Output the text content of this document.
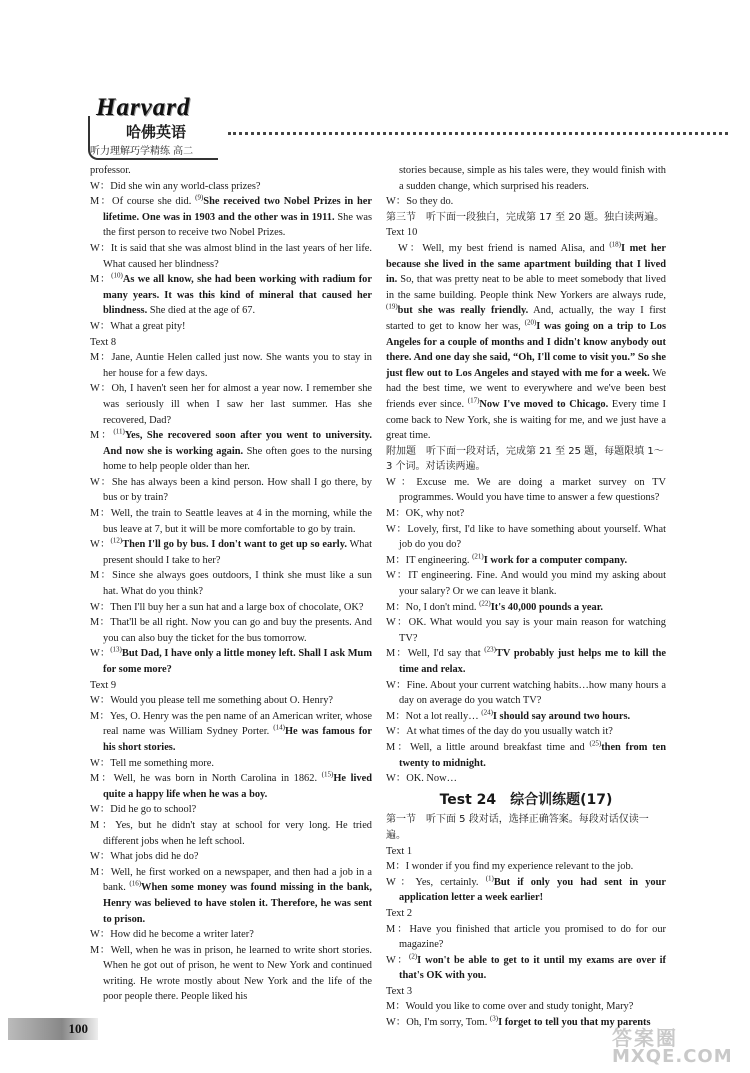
Harvard
哈佛英语
听力理解巧学精练 高二

professor.

W：Did she win any world-class prizes?

M：Of course she did. $^{(9)}$She received two Nobel Prizes in her lifetime. One was in 1903 and the other was in 1911. She was the first person to receive two Nobel Prizes.

W：It is said that she was almost blind in the last years of her life. What caused her blindness?

M：$^{(10)}$As we all know, she had been working with radium for many years. It was this kind of mineral that caused her blindness. She died at the age of 67.

W：What a great pity!

Text 8

M：Jane, Auntie Helen called just now. She wants you to stay in her house for a few days.

W：Oh, I haven't seen her for almost a year now. I remember she was seriously ill when I saw her last summer. Has she recovered, Dad?

M：$^{(11)}$Yes, She recovered soon after you went to university. And now she is working again. She often goes to the nursing home to help people older than her.

W：She has always been a kind person. How shall I go there, by bus or by train?

M：Well, the train to Seattle leaves at 4 in the morning, while the bus leave at 7, but it will be more comfortable to go by train.

W：$^{(12)}$Then I'll go by bus. I don't want to get up so early. What present should I take to her?

M：Since she always goes outdoors, I think she must like a sun hat. What do you think?

W：Then I'll buy her a sun hat and a large box of chocolate, OK?

M：That'll be all right. Now you can go and buy the presents. And you can also buy the ticket for the bus tomorrow.

W：$^{(13)}$But Dad, I have only a little money left. Shall I ask Mum for some more?

Text 9

W：Would you please tell me something about O. Henry?

M：Yes, O. Henry was the pen name of an American writer, whose real name was William Sydney Porter. $^{(14)}$He was famous for his short stories.

W：Tell me something more.

M：Well, he was born in North Carolina in 1862. $^{(15)}$He lived quite a happy life when he was a boy.

W：Did he go to school?

M：Yes, but he didn't stay at school for very long. He tried different jobs when he left school.

W：What jobs did he do?

M：Well, he first worked on a newspaper, and then had a job in a bank. $^{(16)}$When some money was found missing in the bank, Henry was believed to have stolen it. Therefore, he was sent to prison.

W：How did he become a writer later?

M：Well, when he was in prison, he learned to write short stories. When he got out of prison, he went to New York and continued writing. He wrote mostly about New York and the life of the poor people there. People liked his

stories because, simple as his tales were, they would finish with a sudden change, which surprised his readers.

W：So they do.

第三节　听下面一段独白，完成第 17 至 20 题。独白读两遍。

Text 10

W：Well, my best friend is named Alisa, and $^{(18)}$I met her because she lived in the same apartment building that I lived in. So, that was pretty neat to be able to meet somebody that lived in the same building. People think New Yorkers are always rude, $^{(19)}$but she was really friendly. And, actually, the way I first started to get to know her was, $^{(20)}$I was going on a trip to Los Angeles for a couple of months and I didn't know anybody out there. And one day she said, “Oh, I'll come to visit you.” So she just flew out to Los Angeles and stayed with me for a week. We had the best time, we went to everywhere and we've been best friends ever since. $^{(17)}$Now I've moved to Chicago. Every time I come back to New York, she is waiting for me, and we just have a great time.

附加题　听下面一段对话，完成第 21 至 25 题，每题限填 1～3 个词。对话读两遍。

W：Excuse me. We are doing a market survey on TV programmes. Would you have time to answer a few questions?

M：OK, why not?

W：Lovely, first, I'd like to have something about yourself. What job do you do?

M：IT engineering. $^{(21)}$I work for a computer company.

W：IT engineering. Fine. And would you mind my asking about your salary? Or we can leave it blank.

M：No, I don't mind. $^{(22)}$It's 40,000 pounds a year.

W：OK. What would you say is your main reason for watching TV?

M：Well, I'd say that $^{(23)}$TV probably just helps me to kill the time and relax.

W：Fine. About your current watching habits…how many hours a day on average do you watch TV?

M：Not a lot really… $^{(24)}$I should say around two hours.

W：At what times of the day do you usually watch it?

M：Well, a little around breakfast time and $^{(25)}$then from ten twenty to midnight.

W：OK. Now…

Test 24　综合训练题(17)

第一节　听下面 5 段对话，选择正确答案。每段对话仅读一遍。

Text 1

M：I wonder if you find my experience relevant to the job.

W：Yes, certainly. $^{(1)}$But if only you had sent in your application letter a week earlier!

Text 2

M：Have you finished that article you promised to do for our magazine?

W：$^{(2)}$I won't be able to get to it until my exams are over if that's OK with you.

Text 3

M：Would you like to come over and study tonight, Mary?

W：Oh, I'm sorry, Tom. $^{(3)}$I forget to tell you that my parents

100	答案圈
MXQE.COM
